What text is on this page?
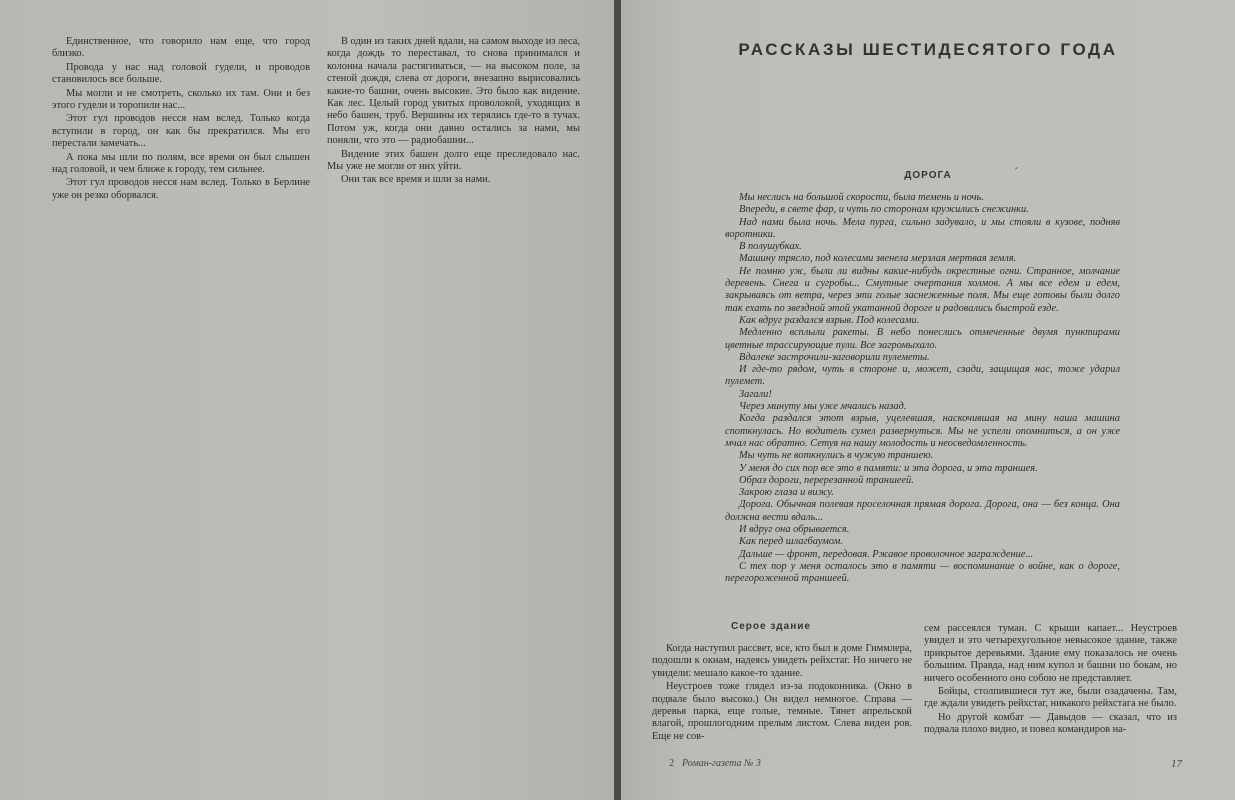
Единственное, что говорило нам еще, что город близко.

Провода у нас над головой гудели, и проводов становилось все больше.

Мы могли и не смотреть, сколько их там. Они и без этого гудели и торопили нас...

Этот гул проводов несся нам вслед. Только когда вступили в город, он как бы прекратился. Мы его перестали замечать...

А пока мы шли по полям, все время он был слышен над головой, и чем ближе к городу, тем сильнее.

Этот гул проводов несся нам вслед. Только в Берлине уже он резко оборвался.

В один из таких дней вдали, на самом выходе из леса, когда дождь то переставал, то снова принимался и колонна начала растягиваться, — на высоком поле, за стеной дождя, слева от дороги, внезапно вырисовались какие-то башни, очень высокие. Это было как видение. Как лес. Целый город увитых проволокой, уходящих в небо башен, труб. Вершины их терялись где-то в тучах. Потом уж, когда они давно остались за нами, мы поняли, что это — радиобашни...

Видение этих башен долго еще преследовало нас. Мы уже не могли от них уйти.

Они так все время и шли за нами.

РАССКАЗЫ ШЕСТИДЕСЯТОГО ГОДА
ˊ
ДОРОГА

Мы неслись на большой скорости, была темень и ночь.

Впереди, в свете фар, и чуть по сторонам кружились снежинки.

Над нами была ночь. Мела пурга, сильно задувало, и мы стояли в кузове, подняв воротники.

В полушубках.

Машину трясло, под колесами звенела мерзлая мертвая земля.

Не помню уж, были ли видны какие-нибудь окрестные огни. Странное, молчание деревень. Снега и сугробы... Смутные очертания холмов. А мы все едем и едем, закрываясь от ветра, через эти голые заснеженные поля. Мы еще готовы были долго так ехать по звездной этой укатанной дороге и радовались быстрой езде.

Как вдруг раздался взрыв. Под колесами.

Медленно всплыли ракеты. В небо понеслись отмеченные двумя пунктирами цветные трассирующие пули. Все загромыхало.

Вдалеке застрочили-заговорили пулеметы.

И где-то рядом, чуть в стороне и, может, сзади, защищая нас, тоже ударил пулемет.

Загали!

Через минуту мы уже мчались назад.

Когда раздался этот взрыв, уцелевшая, наскочившая на мину наша машина споткнулась. Но водитель сумел развернуться. Мы не успели опомниться, а он уже мчал нас обратно. Сетуя на нашу молодость и неосведомленность.

Мы чуть не воткнулись в чужую траншею.

У меня до сих пор все это в памяти: и эта дорога, и эта траншея.

Образ дороги, перерезанной траншеей.

Закрою глаза и вижу.

Дорога. Обычная полевая проселочная прямая дорога. Дорога, она — без конца. Она должна вести вдаль...

И вдруг она обрывается.

Как перед шлагбаумом.

Дальше — фронт, передовая. Ржавое проволочное заграждение...

С тех пор у меня осталось это в памяти — воспоминание о войне, как о дороге, перегороженной траншеей.

Серое здание

Когда наступил рассвет, все, кто был в доме Гиммлера, подошли к окнам, надеясь увидеть рейхстаг. Но ничего не увидели: мешало какое-то здание.

Неустроев тоже глядел из-за подоконника. (Окно в подвале было высоко.) Он видел немногое. Справа — деревья парка, еще голые, темные. Тянет апрельской влагой, прошлогодним прелым листом. Слева виден ров. Еще не сов-

сем рассеялся туман. С крыши капает... Неустроев увидел и это четырехугольное невысокое здание, также прикрытое деревьями. Здание ему показалось не очень большим. Правда, над ним купол и башни по бокам, но ничего особенного оно собою не представляет.

Бойцы, столпившиеся тут же, были озадачены. Там, где ждали увидеть рейхстаг, никакого рейхстага не было.

Но другой комбат — Давыдов — сказал, что из подвала плохо видно, и повел командиров на-

2 Роман-газета № 3	17
